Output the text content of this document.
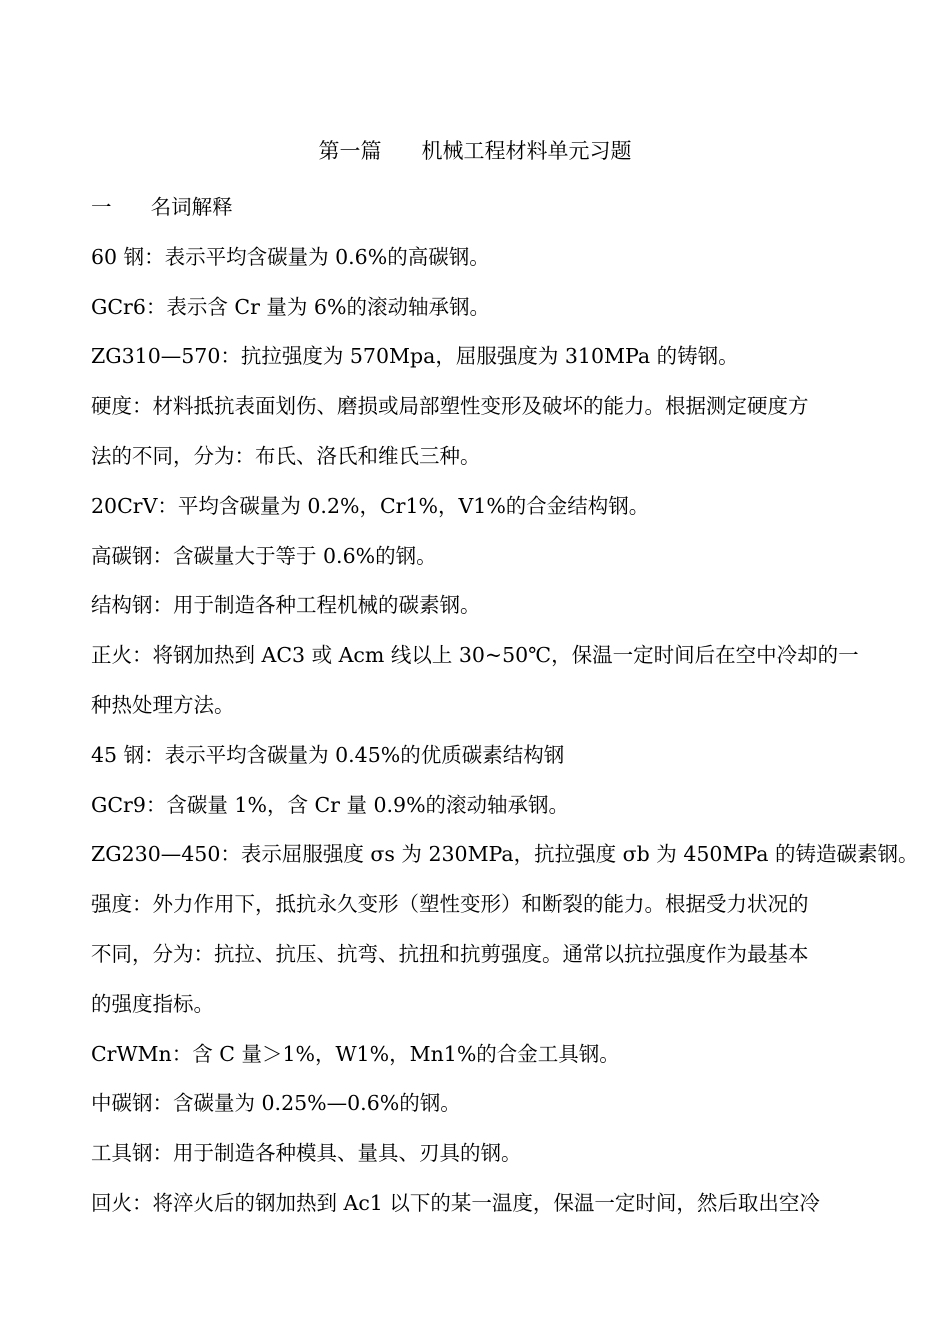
第一篇      机械工程材料单元习题
一      名词解释
60 钢：表示平均含碳量为 0.6%的高碳钢。
GCr6：表示含 Cr 量为 6%的滚动轴承钢。
ZG310—570：抗拉强度为 570Mpa，屈服强度为 310MPa 的铸钢。
硬度：材料抵抗表面划伤、磨损或局部塑性变形及破坏的能力。根据测定硬度方
法的不同，分为：布氏、洛氏和维氏三种。
20CrV：平均含碳量为 0.2%，Cr1%，V1%的合金结构钢。
高碳钢：含碳量大于等于 0.6%的钢。
结构钢：用于制造各种工程机械的碳素钢。
正火：将钢加热到 AC3 或 Acm 线以上 30~50℃，保温一定时间后在空中冷却的一
种热处理方法。
45 钢：表示平均含碳量为 0.45%的优质碳素结构钢
GCr9：含碳量 1%，含 Cr 量 0.9%的滚动轴承钢。
ZG230—450：表示屈服强度 σs 为 230MPa，抗拉强度 σb 为 450MPa 的铸造碳素钢。
强度：外力作用下，抵抗永久变形（塑性变形）和断裂的能力。根据受力状况的
不同，分为：抗拉、抗压、抗弯、抗扭和抗剪强度。通常以抗拉强度作为最基本
的强度指标。
CrWMn：含 C 量＞1%，W1%，Mn1%的合金工具钢。
中碳钢：含碳量为 0.25%—0.6%的钢。
工具钢：用于制造各种模具、量具、刃具的钢。
回火：将淬火后的钢加热到 Ac1 以下的某一温度，保温一定时间，然后取出空冷
